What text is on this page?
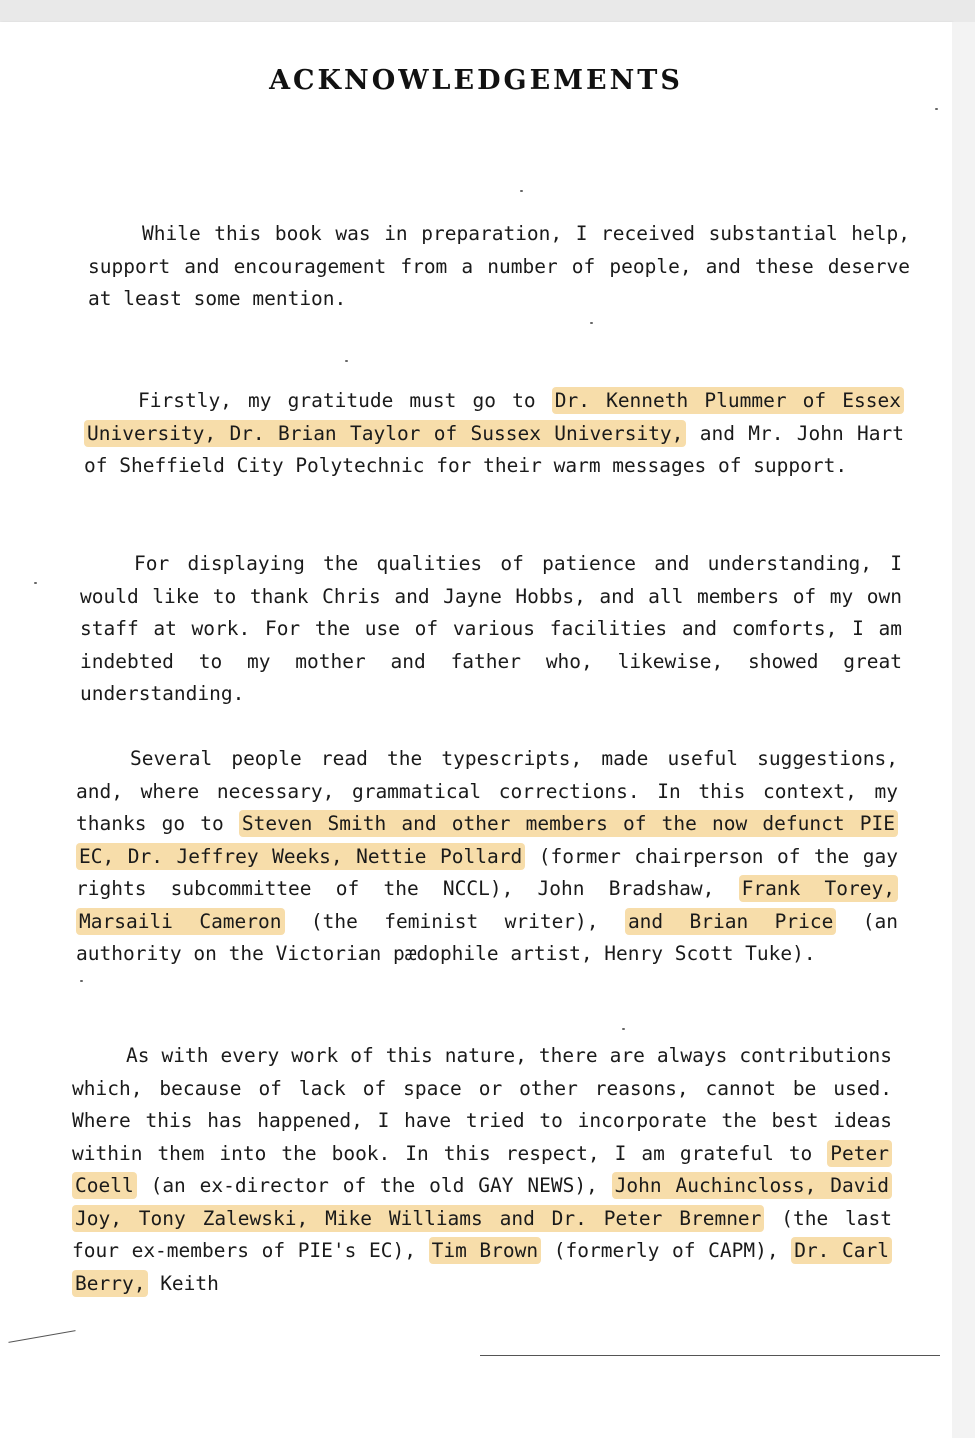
ACKNOWLEDGEMENTS

While this book was in preparation, I received substantial help, support and encouragement from a number of people, and these deserve at least some mention.

Firstly, my gratitude must go to Dr. Kenneth Plummer of Essex University, Dr. Brian Taylor of Sussex University, and Mr. John Hart of Sheffield City Polytechnic for their warm messages of support.

For displaying the qualities of patience and understanding, I would like to thank Chris and Jayne Hobbs, and all members of my own staff at work. For the use of various facilities and comforts, I am indebted to my mother and father who, likewise, showed great understanding.

Several people read the typescripts, made useful suggestions, and, where necessary, grammatical corrections. In this context, my thanks go to Steven Smith and other members of the now defunct PIE EC, Dr. Jeffrey Weeks, Nettie Pollard (former chairperson of the gay rights subcommittee of the NCCL), John Bradshaw, Frank Torey, Marsaili Cameron (the feminist writer), and Brian Price (an authority on the Victorian pædophile artist, Henry Scott Tuke).

As with every work of this nature, there are always contributions which, because of lack of space or other reasons, cannot be used. Where this has happened, I have tried to incorporate the best ideas within them into the book. In this respect, I am grateful to Peter Coell (an ex-director of the old GAY NEWS), John Auchincloss, David Joy, Tony Zalewski, Mike Williams and Dr. Peter Bremner (the last four ex-members of PIE's EC), Tim Brown (formerly of CAPM), Dr. Carl Berry, Keith
